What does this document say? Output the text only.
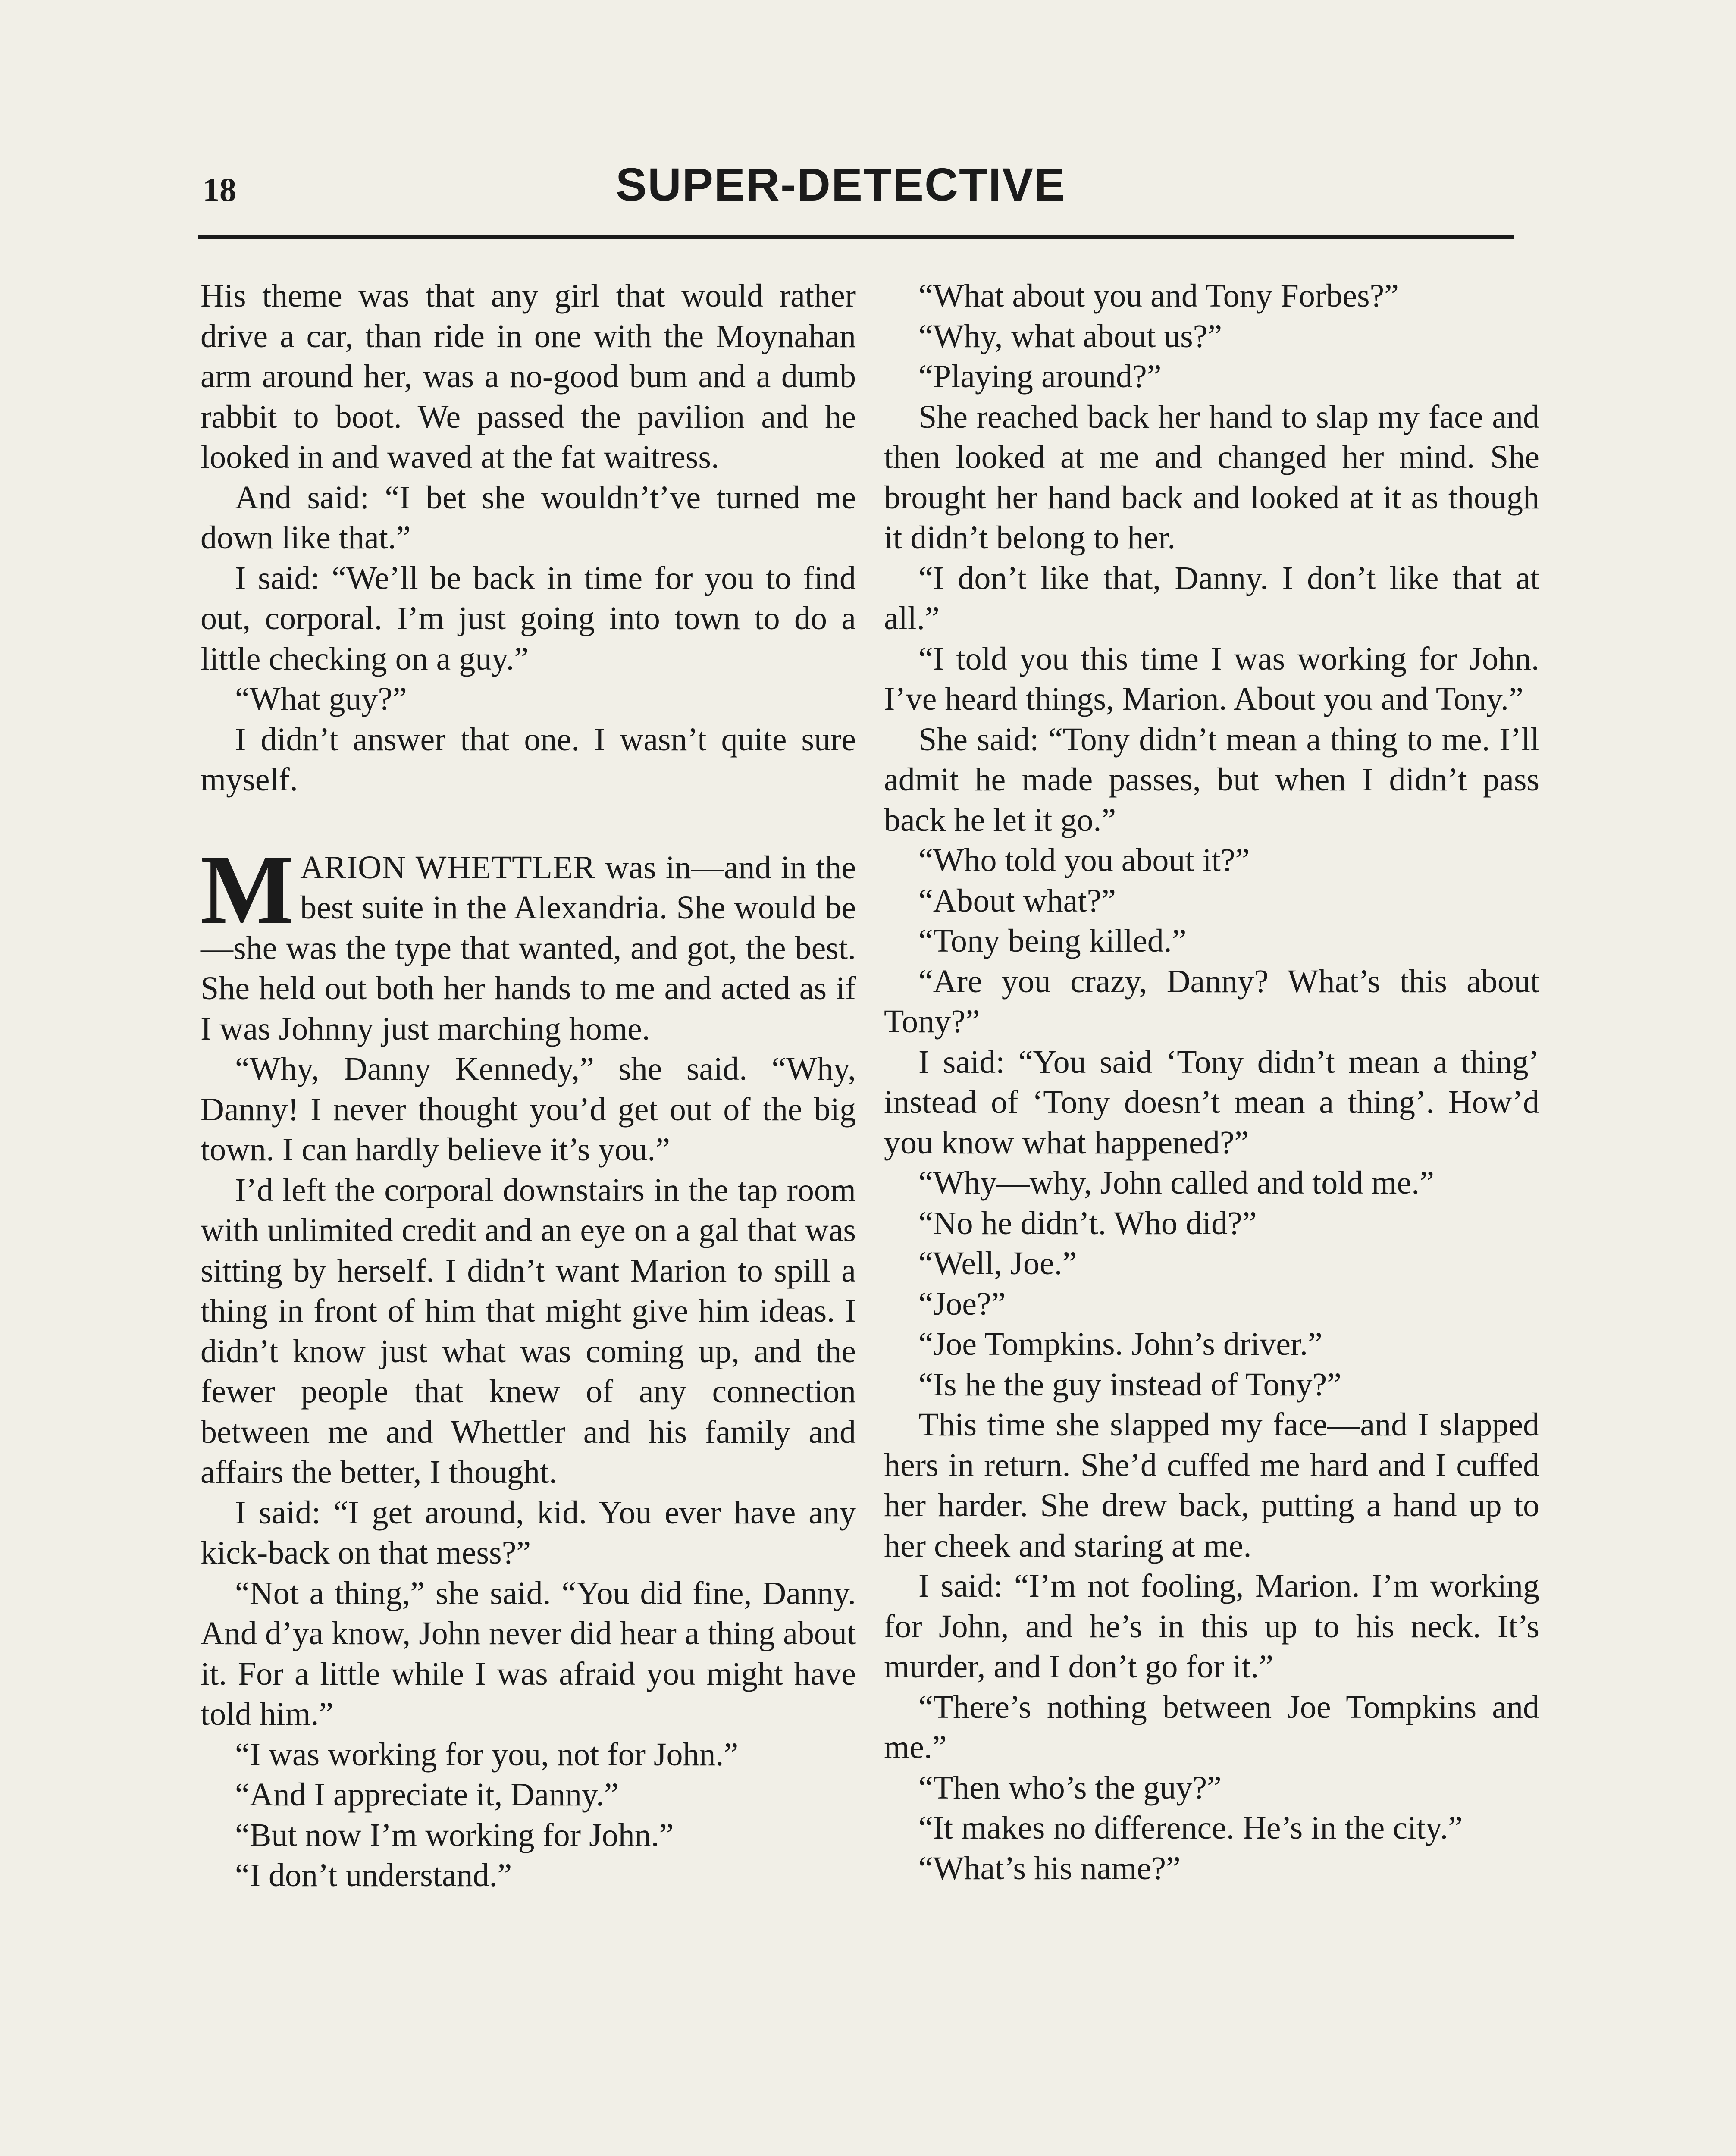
18	SUPER-DETECTIVE

His theme was that any girl that would rather drive a car, than ride in one with the Moynahan arm around her, was a no-good bum and a dumb rabbit to boot. We passed the pavilion and he looked in and waved at the fat waitress.

And said: “I bet she wouldn’t’ve turned me down like that.”

I said: “We’ll be back in time for you to find out, corporal. I’m just going into town to do a little checking on a guy.”

“What guy?”

I didn’t answer that one. I wasn’t quite sure myself.

MARION WHETTLER was in—and in the best suite in the Alexandria. She would be—she was the type that wanted, and got, the best. She held out both her hands to me and acted as if I was Johnny just marching home.

“Why, Danny Kennedy,” she said. “Why, Danny! I never thought you’d get out of the big town. I can hardly believe it’s you.”

I’d left the corporal downstairs in the tap room with unlimited credit and an eye on a gal that was sitting by herself. I didn’t want Marion to spill a thing in front of him that might give him ideas. I didn’t know just what was coming up, and the fewer people that knew of any connection between me and Whettler and his family and affairs the better, I thought.

I said: “I get around, kid. You ever have any kick-back on that mess?”

“Not a thing,” she said. “You did fine, Danny. And d’ya know, John never did hear a thing about it. For a little while I was afraid you might have told him.”

“I was working for you, not for John.”

“And I appreciate it, Danny.”

“But now I’m working for John.”

“I don’t understand.”

“What about you and Tony Forbes?”

“Why, what about us?”

“Playing around?”

She reached back her hand to slap my face and then looked at me and changed her mind. She brought her hand back and looked at it as though it didn’t belong to her.

“I don’t like that, Danny. I don’t like that at all.”

“I told you this time I was working for John. I’ve heard things, Marion. About you and Tony.”

She said: “Tony didn’t mean a thing to me. I’ll admit he made passes, but when I didn’t pass back he let it go.”

“Who told you about it?”

“About what?”

“Tony being killed.”

“Are you crazy, Danny? What’s this about Tony?”

I said: “You said ‘Tony didn’t mean a thing’ instead of ‘Tony doesn’t mean a thing’. How’d you know what happened?”

“Why—why, John called and told me.”

“No he didn’t. Who did?”

“Well, Joe.”

“Joe?”

“Joe Tompkins. John’s driver.”

“Is he the guy instead of Tony?”

This time she slapped my face—and I slapped hers in return. She’d cuffed me hard and I cuffed her harder. She drew back, putting a hand up to her cheek and staring at me.

I said: “I’m not fooling, Marion. I’m working for John, and he’s in this up to his neck. It’s murder, and I don’t go for it.”

“There’s nothing between Joe Tompkins and me.”

“Then who’s the guy?”

“It makes no difference. He’s in the city.”

“What’s his name?”
